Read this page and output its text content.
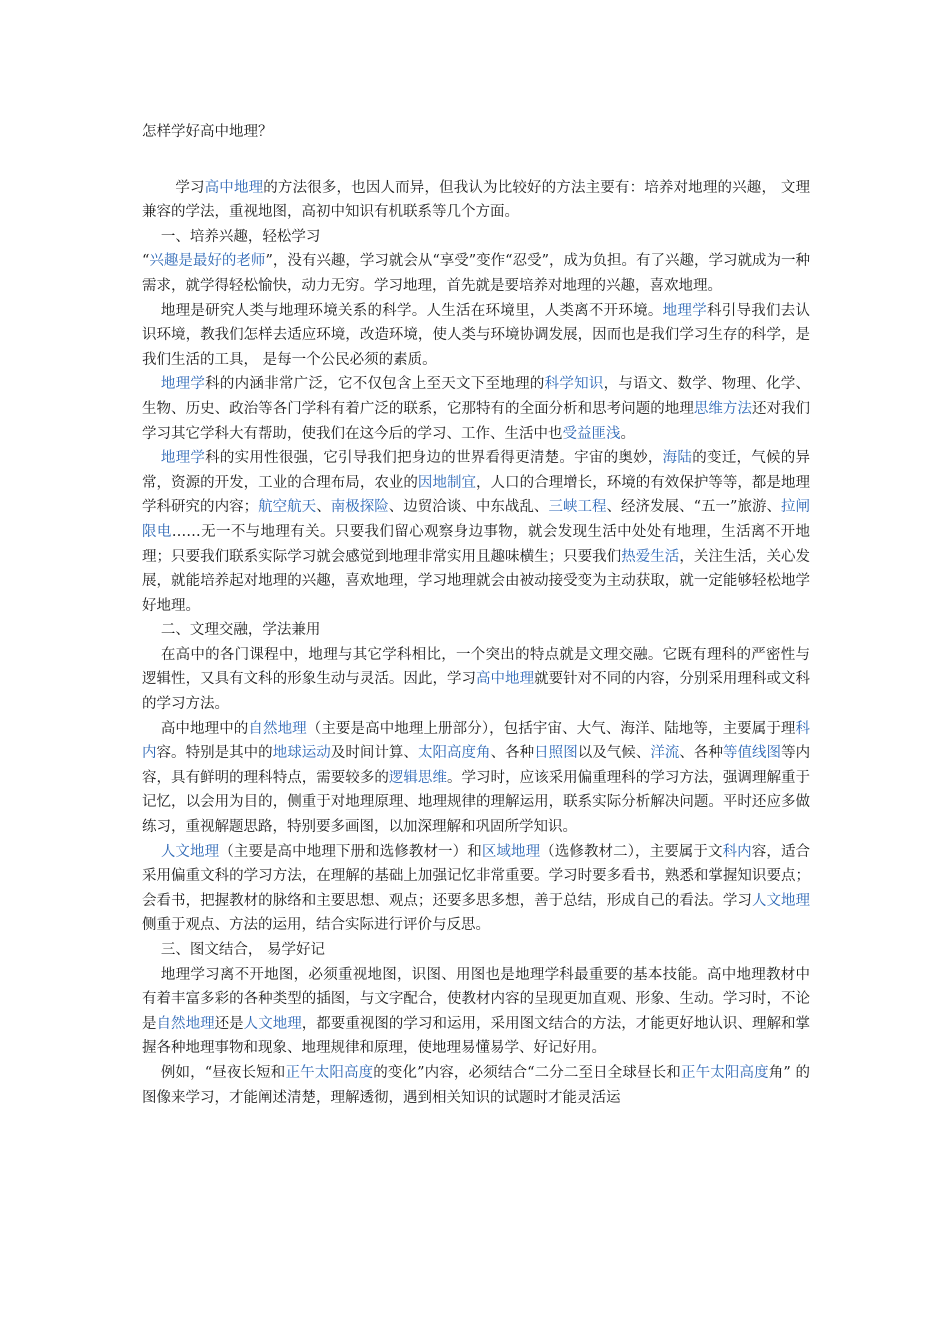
怎样学好高中地理？

学习高中地理的方法很多，也因人而异，但我认为比较好的方法主要有：培养对地理的兴趣， 文理兼容的学法，重视地图，高初中知识有机联系等几个方面。

一、培养兴趣，轻松学习

“兴趣是最好的老师”，没有兴趣，学习就会从“享受”变作“忍受”，成为负担。有了兴趣，学习就成为一种需求，就学得轻松愉快，动力无穷。学习地理，首先就是要培养对地理的兴趣，喜欢地理。

地理是研究人类与地理环境关系的科学。人生活在环境里，人类离不开环境。地理学科引导我们去认识环境，教我们怎样去适应环境，改造环境，使人类与环境协调发展，因而也是我们学习生存的科学，是我们生活的工具， 是每一个公民必须的素质。

地理学科的内涵非常广泛，它不仅包含上至天文下至地理的科学知识，与语文、数学、物理、化学、生物、历史、政治等各门学科有着广泛的联系，它那特有的全面分析和思考问题的地理思维方法还对我们学习其它学科大有帮助，使我们在这今后的学习、工作、生活中也受益匪浅。

地理学科的实用性很强，它引导我们把身边的世界看得更清楚。宇宙的奥妙，海陆的变迁，气候的异常，资源的开发，工业的合理布局，农业的因地制宜，人口的合理增长，环境的有效保护等等，都是地理学科研究的内容；航空航天、南极探险、边贸洽谈、中东战乱、三峡工程、经济发展、“五一”旅游、拉闸限电……无一不与地理有关。只要我们留心观察身边事物，就会发现生活中处处有地理，生活离不开地理；只要我们联系实际学习就会感觉到地理非常实用且趣味横生；只要我们热爱生活，关注生活，关心发展，就能培养起对地理的兴趣，喜欢地理，学习地理就会由被动接受变为主动获取，就一定能够轻松地学好地理。

二、文理交融，学法兼用

在高中的各门课程中，地理与其它学科相比，一个突出的特点就是文理交融。它既有理科的严密性与逻辑性，又具有文科的形象生动与灵活。因此，学习高中地理就要针对不同的内容，分别采用理科或文科的学习方法。

高中地理中的自然地理（主要是高中地理上册部分），包括宇宙、大气、海洋、陆地等，主要属于理科内容。特别是其中的地球运动及时间计算、太阳高度角、各种日照图以及气候、洋流、各种等值线图等内容，具有鲜明的理科特点，需要较多的逻辑思维。学习时，应该采用偏重理科的学习方法，强调理解重于记忆，以会用为目的，侧重于对地理原理、地理规律的理解运用，联系实际分析解决问题。平时还应多做练习，重视解题思路，特别要多画图，以加深理解和巩固所学知识。

人文地理（主要是高中地理下册和选修教材一）和区域地理（选修教材二），主要属于文科内容，适合采用偏重文科的学习方法，在理解的基础上加强记忆非常重要。学习时要多看书，熟悉和掌握知识要点；会看书，把握教材的脉络和主要思想、观点；还要多思多想，善于总结，形成自己的看法。学习人文地理侧重于观点、方法的运用，结合实际进行评价与反思。

三、图文结合， 易学好记

地理学习离不开地图，必须重视地图，识图、用图也是地理学科最重要的基本技能。高中地理教材中有着丰富多彩的各种类型的插图，与文字配合，使教材内容的呈现更加直观、形象、生动。学习时，不论是自然地理还是人文地理，都要重视图的学习和运用，采用图文结合的方法，才能更好地认识、理解和掌握各种地理事物和现象、地理规律和原理，使地理易懂易学、好记好用。

例如，“昼夜长短和正午太阳高度的变化”内容，必须结合“二分二至日全球昼长和正午太阳高度角” 的图像来学习，才能阐述清楚，理解透彻，遇到相关知识的试题时才能灵活运
